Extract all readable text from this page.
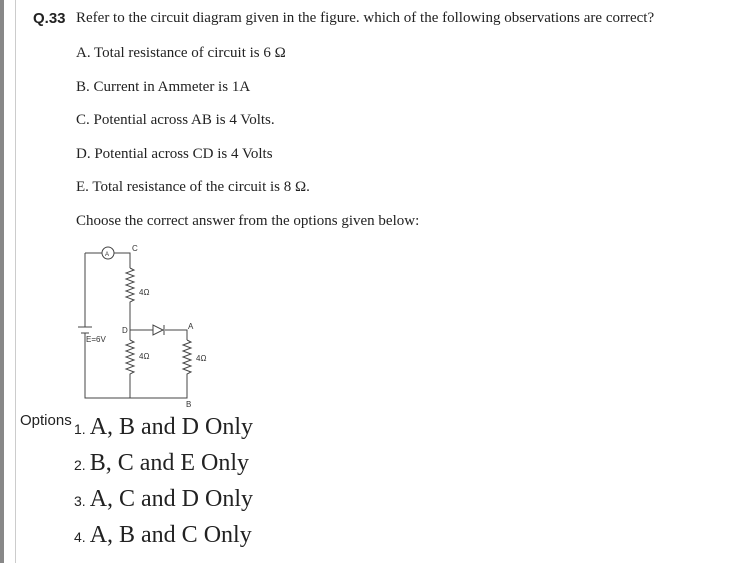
Q.33 Refer to the circuit diagram given in the figure. which of the following observations are correct?
A. Total resistance of circuit is 6 Ω
B. Current in Ammeter is 1A
C. Potential across AB is 4 Volts.
D. Potential across CD is 4 Volts
E. Total resistance of the circuit is 8 Ω.
Choose the correct answer from the options given below:
A
C
4Ω
D
4Ω	4Ω
A
B
E=6V
Options 1. A, B and D Only
2. B, C and E Only
3. A, C and D Only
4. A, B and C Only
